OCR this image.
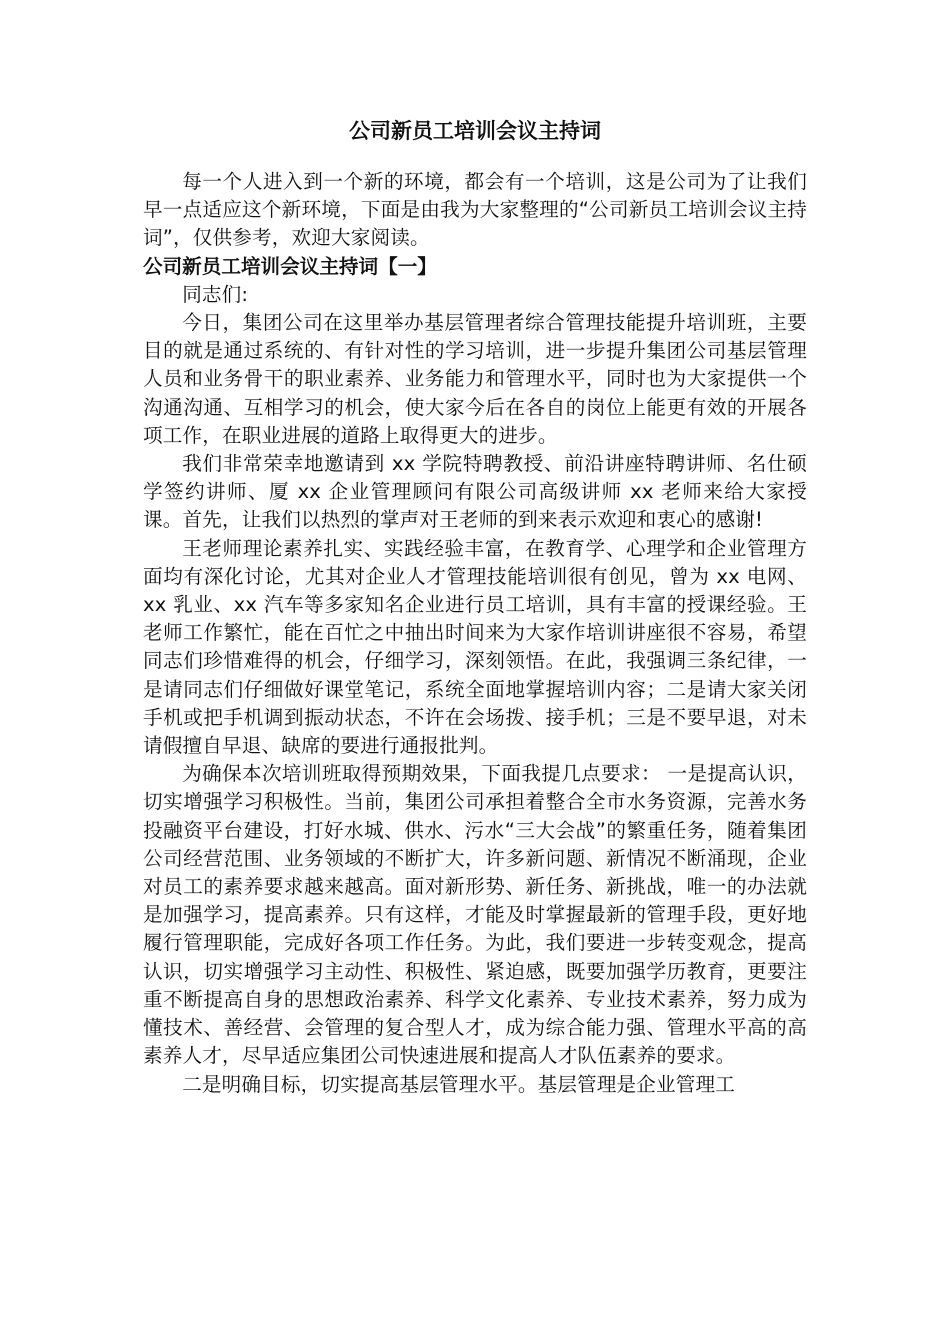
公司新员工培训会议主持词

每一个人进入到一个新的环境，都会有一个培训，这是公司为了让我们早一点适应这个新环境，下面是由我为大家整理的“公司新员工培训会议主持词”，仅供参考，欢迎大家阅读。

公司新员工培训会议主持词【一】

同志们:

今日，集团公司在这里举办基层管理者综合管理技能提升培训班，主要目的就是通过系统的、有针对性的学习培训，进一步提升集团公司基层管理人员和业务骨干的职业素养、业务能力和管理水平，同时也为大家提供一个沟通沟通、互相学习的机会，使大家今后在各自的岗位上能更有效的开展各项工作，在职业进展的道路上取得更大的进步。

我们非常荣幸地邀请到 xx 学院特聘教授、前沿讲座特聘讲师、名仕硕学签约讲师、厦 xx 企业管理顾问有限公司高级讲师 xx 老师来给大家授课。首先，让我们以热烈的掌声对王老师的到来表示欢迎和衷心的感谢!

王老师理论素养扎实、实践经验丰富，在教育学、心理学和企业管理方面均有深化讨论，尤其对企业人才管理技能培训很有创见，曾为 xx 电网、xx 乳业、xx 汽车等多家知名企业进行员工培训，具有丰富的授课经验。王老师工作繁忙，能在百忙之中抽出时间来为大家作培训讲座很不容易，希望同志们珍惜难得的机会，仔细学习，深刻领悟。在此，我强调三条纪律，一是请同志们仔细做好课堂笔记，系统全面地掌握培训内容；二是请大家关闭手机或把手机调到振动状态，不许在会场拨、接手机；三是不要早退，对未请假擅自早退、缺席的要进行通报批判。

为确保本次培训班取得预期效果，下面我提几点要求： 一是提高认识，切实增强学习积极性。当前，集团公司承担着整合全市水务资源，完善水务投融资平台建设，打好水城、供水、污水“三大会战”的繁重任务，随着集团公司经营范围、业务领域的不断扩大，许多新问题、新情况不断涌现，企业对员工的素养要求越来越高。面对新形势、新任务、新挑战，唯一的办法就是加强学习，提高素养。只有这样，才能及时掌握最新的管理手段，更好地履行管理职能，完成好各项工作任务。为此，我们要进一步转变观念，提高认识，切实增强学习主动性、积极性、紧迫感，既要加强学历教育，更要注重不断提高自身的思想政治素养、科学文化素养、专业技术素养，努力成为懂技术、善经营、会管理的复合型人才，成为综合能力强、管理水平高的高素养人才，尽早适应集团公司快速进展和提高人才队伍素养的要求。

二是明确目标，切实提高基层管理水平。基层管理是企业管理工
